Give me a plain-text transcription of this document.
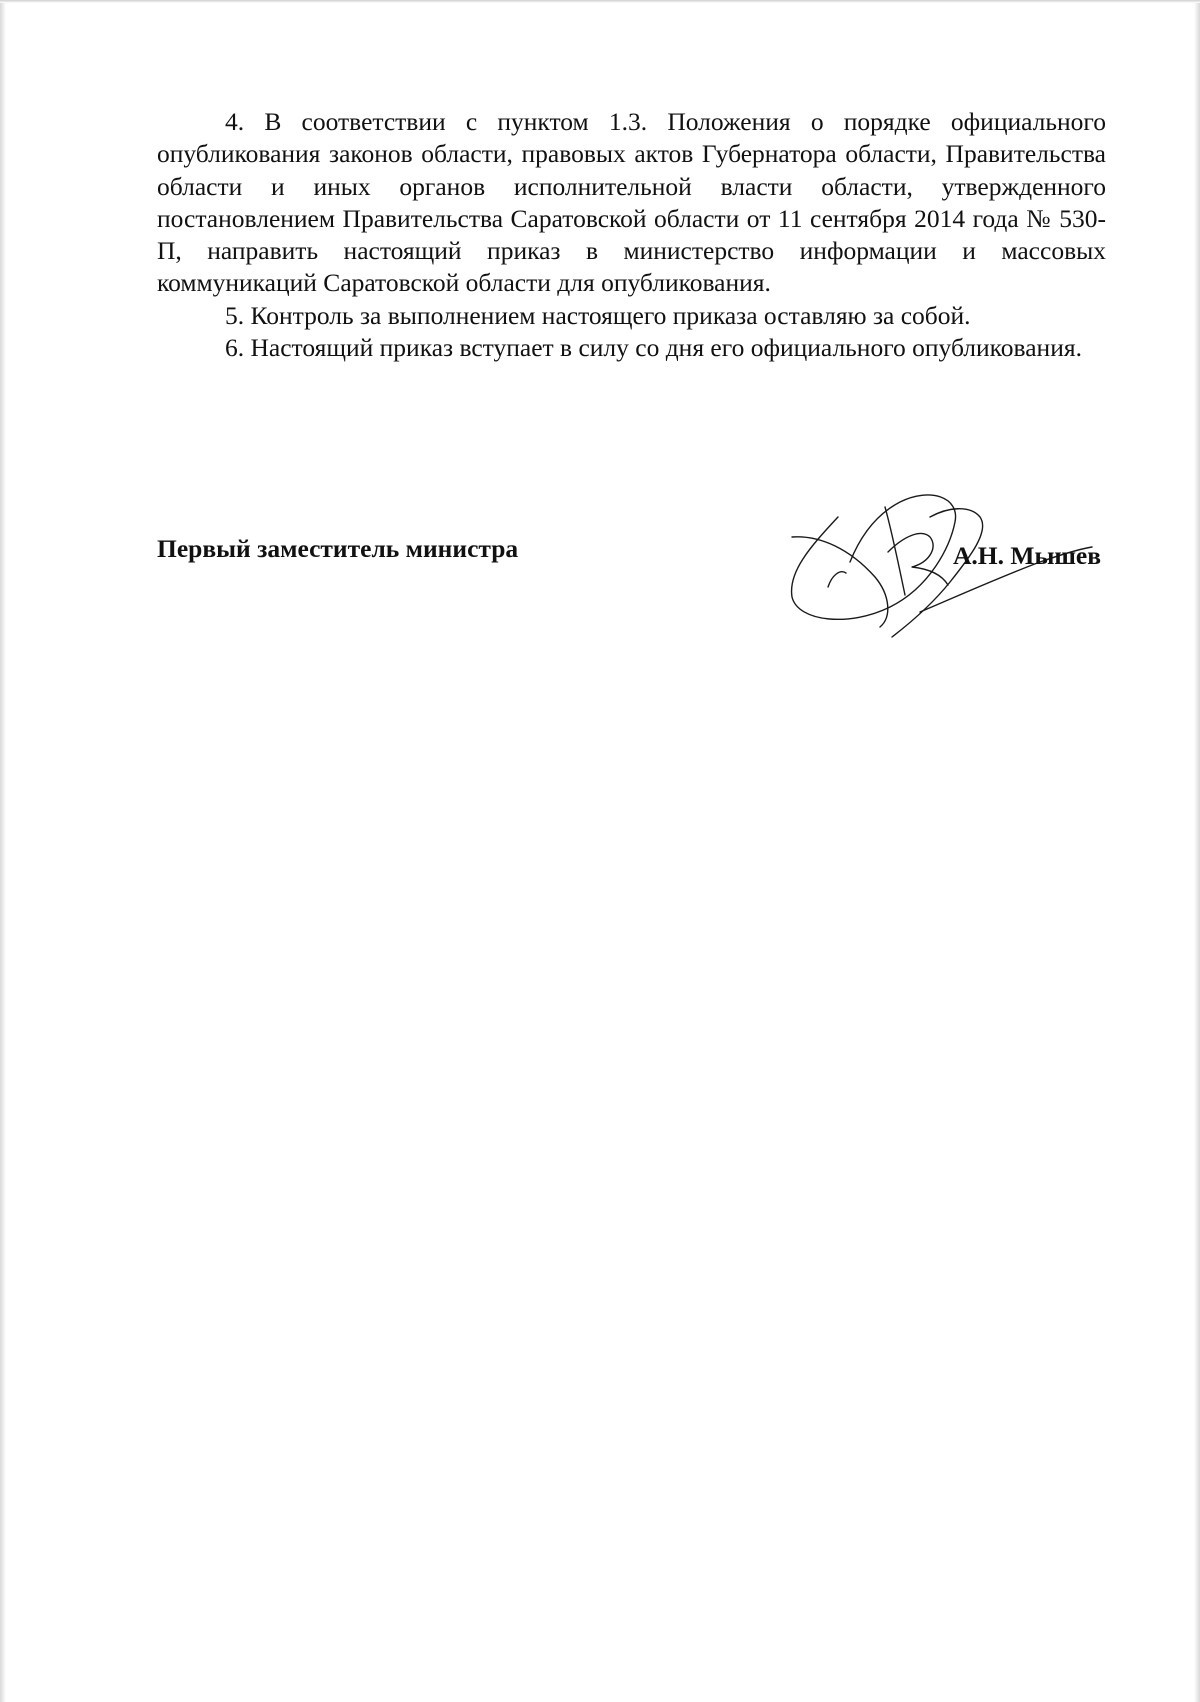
4. В соответствии с пунктом 1.3. Положения о порядке официального опубликования законов области, правовых актов Губернатора области, Правительства области и иных органов исполнительной власти области, утвержденного постановлением Правительства Саратовской области от 11 сентября 2014 года № 530-П, направить настоящий приказ в министерство информации и массовых коммуникаций Саратовской области для опубликования.

5. Контроль за выполнением настоящего приказа оставляю за собой.

6. Настоящий приказ вступает в силу со дня его официального опубликования.

Первый заместитель министра	А.Н. Мышев
